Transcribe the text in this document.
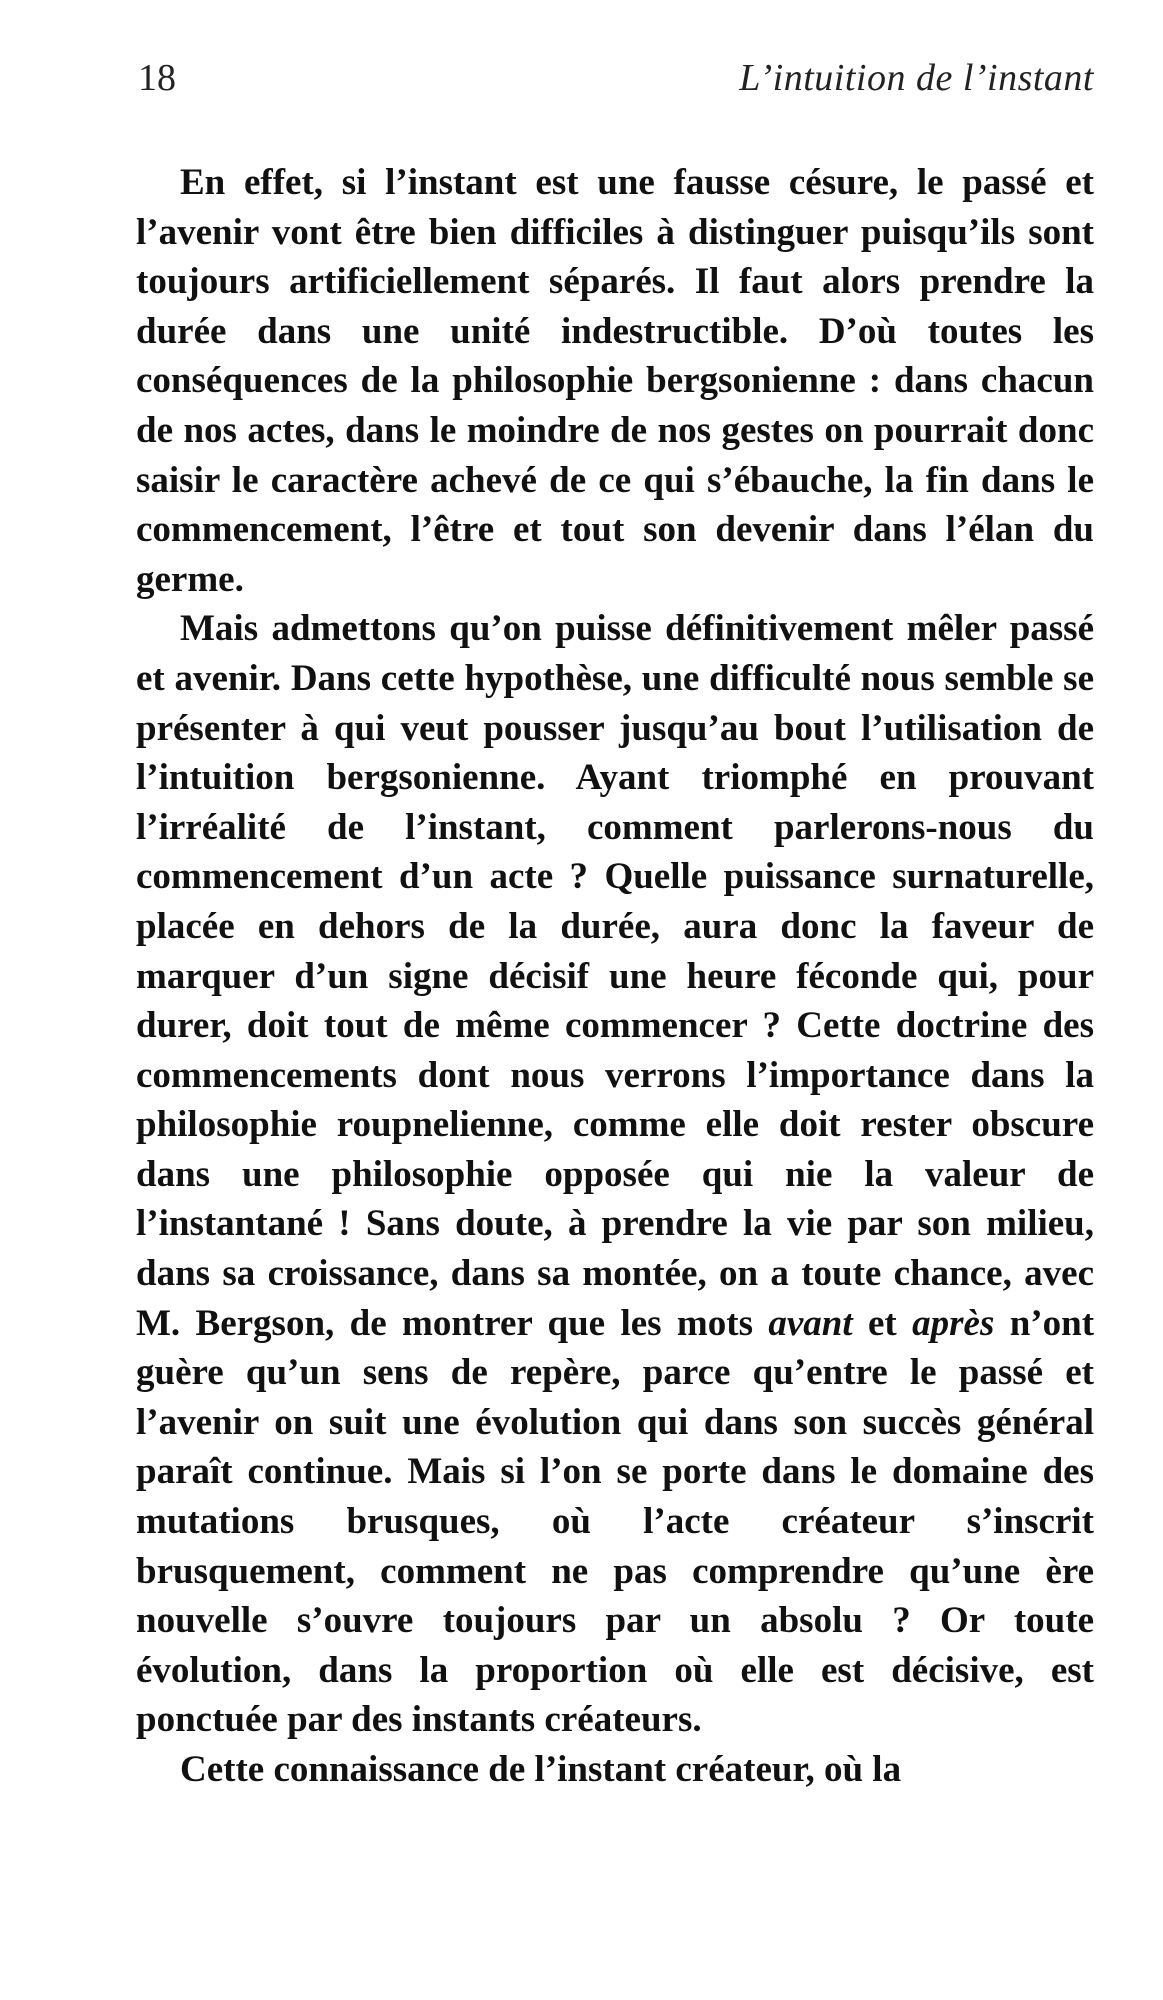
18	L’intuition de l’instant

En effet, si l’instant est une fausse césure, le passé et l’avenir vont être bien difficiles à distinguer puisqu’ils sont toujours artificiellement séparés. Il faut alors prendre la durée dans une unité indestructible. D’où toutes les conséquences de la philosophie bergsonienne : dans chacun de nos actes, dans le moindre de nos gestes on pourrait donc saisir le caractère achevé de ce qui s’ébauche, la fin dans le commencement, l’être et tout son devenir dans l’élan du germe.

Mais admettons qu’on puisse définitivement mêler passé et avenir. Dans cette hypothèse, une difficulté nous semble se présenter à qui veut pousser jusqu’au bout l’utilisation de l’intuition bergsonienne. Ayant triomphé en prouvant l’irréalité de l’instant, comment parlerons-nous du commencement d’un acte ? Quelle puissance surnaturelle, placée en dehors de la durée, aura donc la faveur de marquer d’un signe décisif une heure féconde qui, pour durer, doit tout de même commencer ? Cette doctrine des commencements dont nous verrons l’importance dans la philosophie roupnelienne, comme elle doit rester obscure dans une philosophie opposée qui nie la valeur de l’instantané ! Sans doute, à prendre la vie par son milieu, dans sa croissance, dans sa montée, on a toute chance, avec M. Bergson, de montrer que les mots avant et après n’ont guère qu’un sens de repère, parce qu’entre le passé et l’avenir on suit une évolution qui dans son succès général paraît continue. Mais si l’on se porte dans le domaine des mutations brusques, où l’acte créateur s’inscrit brusquement, comment ne pas comprendre qu’une ère nouvelle s’ouvre toujours par un absolu ? Or toute évolution, dans la proportion où elle est décisive, est ponctuée par des instants créateurs.

Cette connaissance de l’instant créateur, où la
